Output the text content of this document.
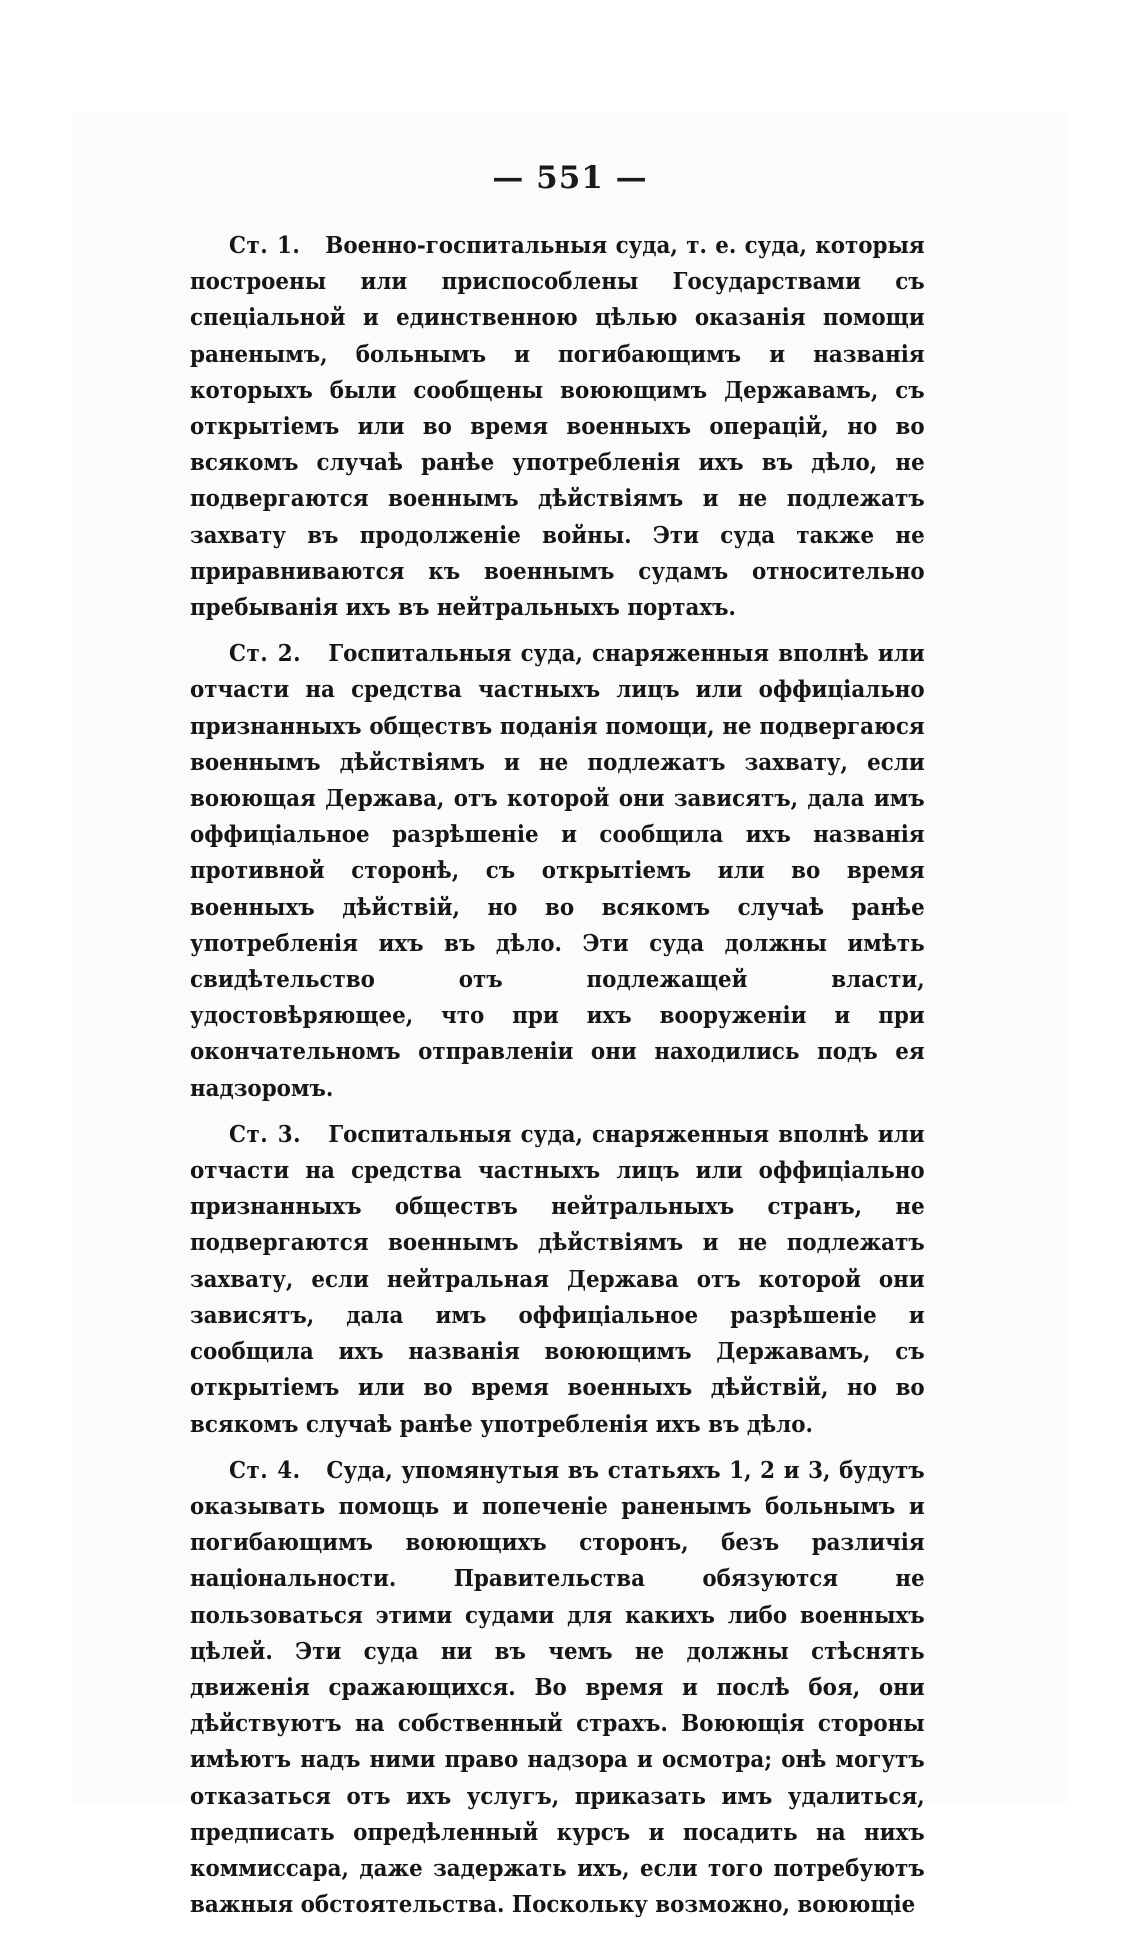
— 551 —

Ст. 1. Военно-госпитальныя суда, т. е. суда, которыя построены или приспособлены Государствами съ спеціальной и единственною цѣлью оказанія помощи раненымъ, больнымъ и погибающимъ и названія которыхъ были сообщены воюющимъ Державамъ, съ открытіемъ или во время военныхъ операцій, но во всякомъ случаѣ ранѣе употребленія ихъ въ дѣло, не подвергаются военнымъ дѣйствіямъ и не подлежатъ захвату въ продолженіе войны. Эти суда также не приравниваются къ военнымъ судамъ относительно пребыванія ихъ въ нейтральныхъ портахъ.

Ст. 2. Госпитальныя суда, снаряженныя вполнѣ или отчасти на средства частныхъ лицъ или оффиціально признанныхъ обществъ поданія помощи, не подвергаюся военнымъ дѣйствіямъ и не подлежатъ захвату, если воюющая Держава, отъ которой они зависятъ, дала имъ оффиціальное разрѣшеніе и сообщила ихъ названія противной сторонѣ, съ открытіемъ или во время военныхъ дѣйствій, но во всякомъ случаѣ ранѣе употребленія ихъ въ дѣло. Эти суда должны имѣть свидѣтельство отъ подлежащей власти, удостовѣряющее, что при ихъ вооруженіи и при окончательномъ отправленіи они находились подъ ея надзоромъ.

Ст. 3. Госпитальныя суда, снаряженныя вполнѣ или отчасти на средства частныхъ лицъ или оффиціально признанныхъ обществъ нейтральныхъ странъ, не подвергаются военнымъ дѣйствіямъ и не подлежатъ захвату, если нейтральная Держава отъ которой они зависятъ, дала имъ оффиціальное разрѣшеніе и сообщила ихъ названія воюющимъ Державамъ, съ открытіемъ или во время военныхъ дѣйствій, но во всякомъ случаѣ ранѣе употребленія ихъ въ дѣло.

Ст. 4. Суда, упомянутыя въ статьяхъ 1, 2 и 3, будутъ оказывать помощь и попеченіе раненымъ больнымъ и погибающимъ воюющихъ сторонъ, безъ различія національности. Правительства обязуются не пользоваться этими судами для какихъ либо военныхъ цѣлей. Эти суда ни въ чемъ не должны стѣснять движенія сражающихся. Во время и послѣ боя, они дѣйствуютъ на собственный страхъ. Воюющія стороны имѣютъ надъ ними право надзора и осмотра; онѣ могутъ отказаться отъ ихъ услугъ, приказать имъ удалиться, предписать опредѣленный курсъ и посадить на нихъ коммиссара, даже задержать ихъ, если того потребуютъ важныя обстоятельства. Поскольку возможно, воюющіе
